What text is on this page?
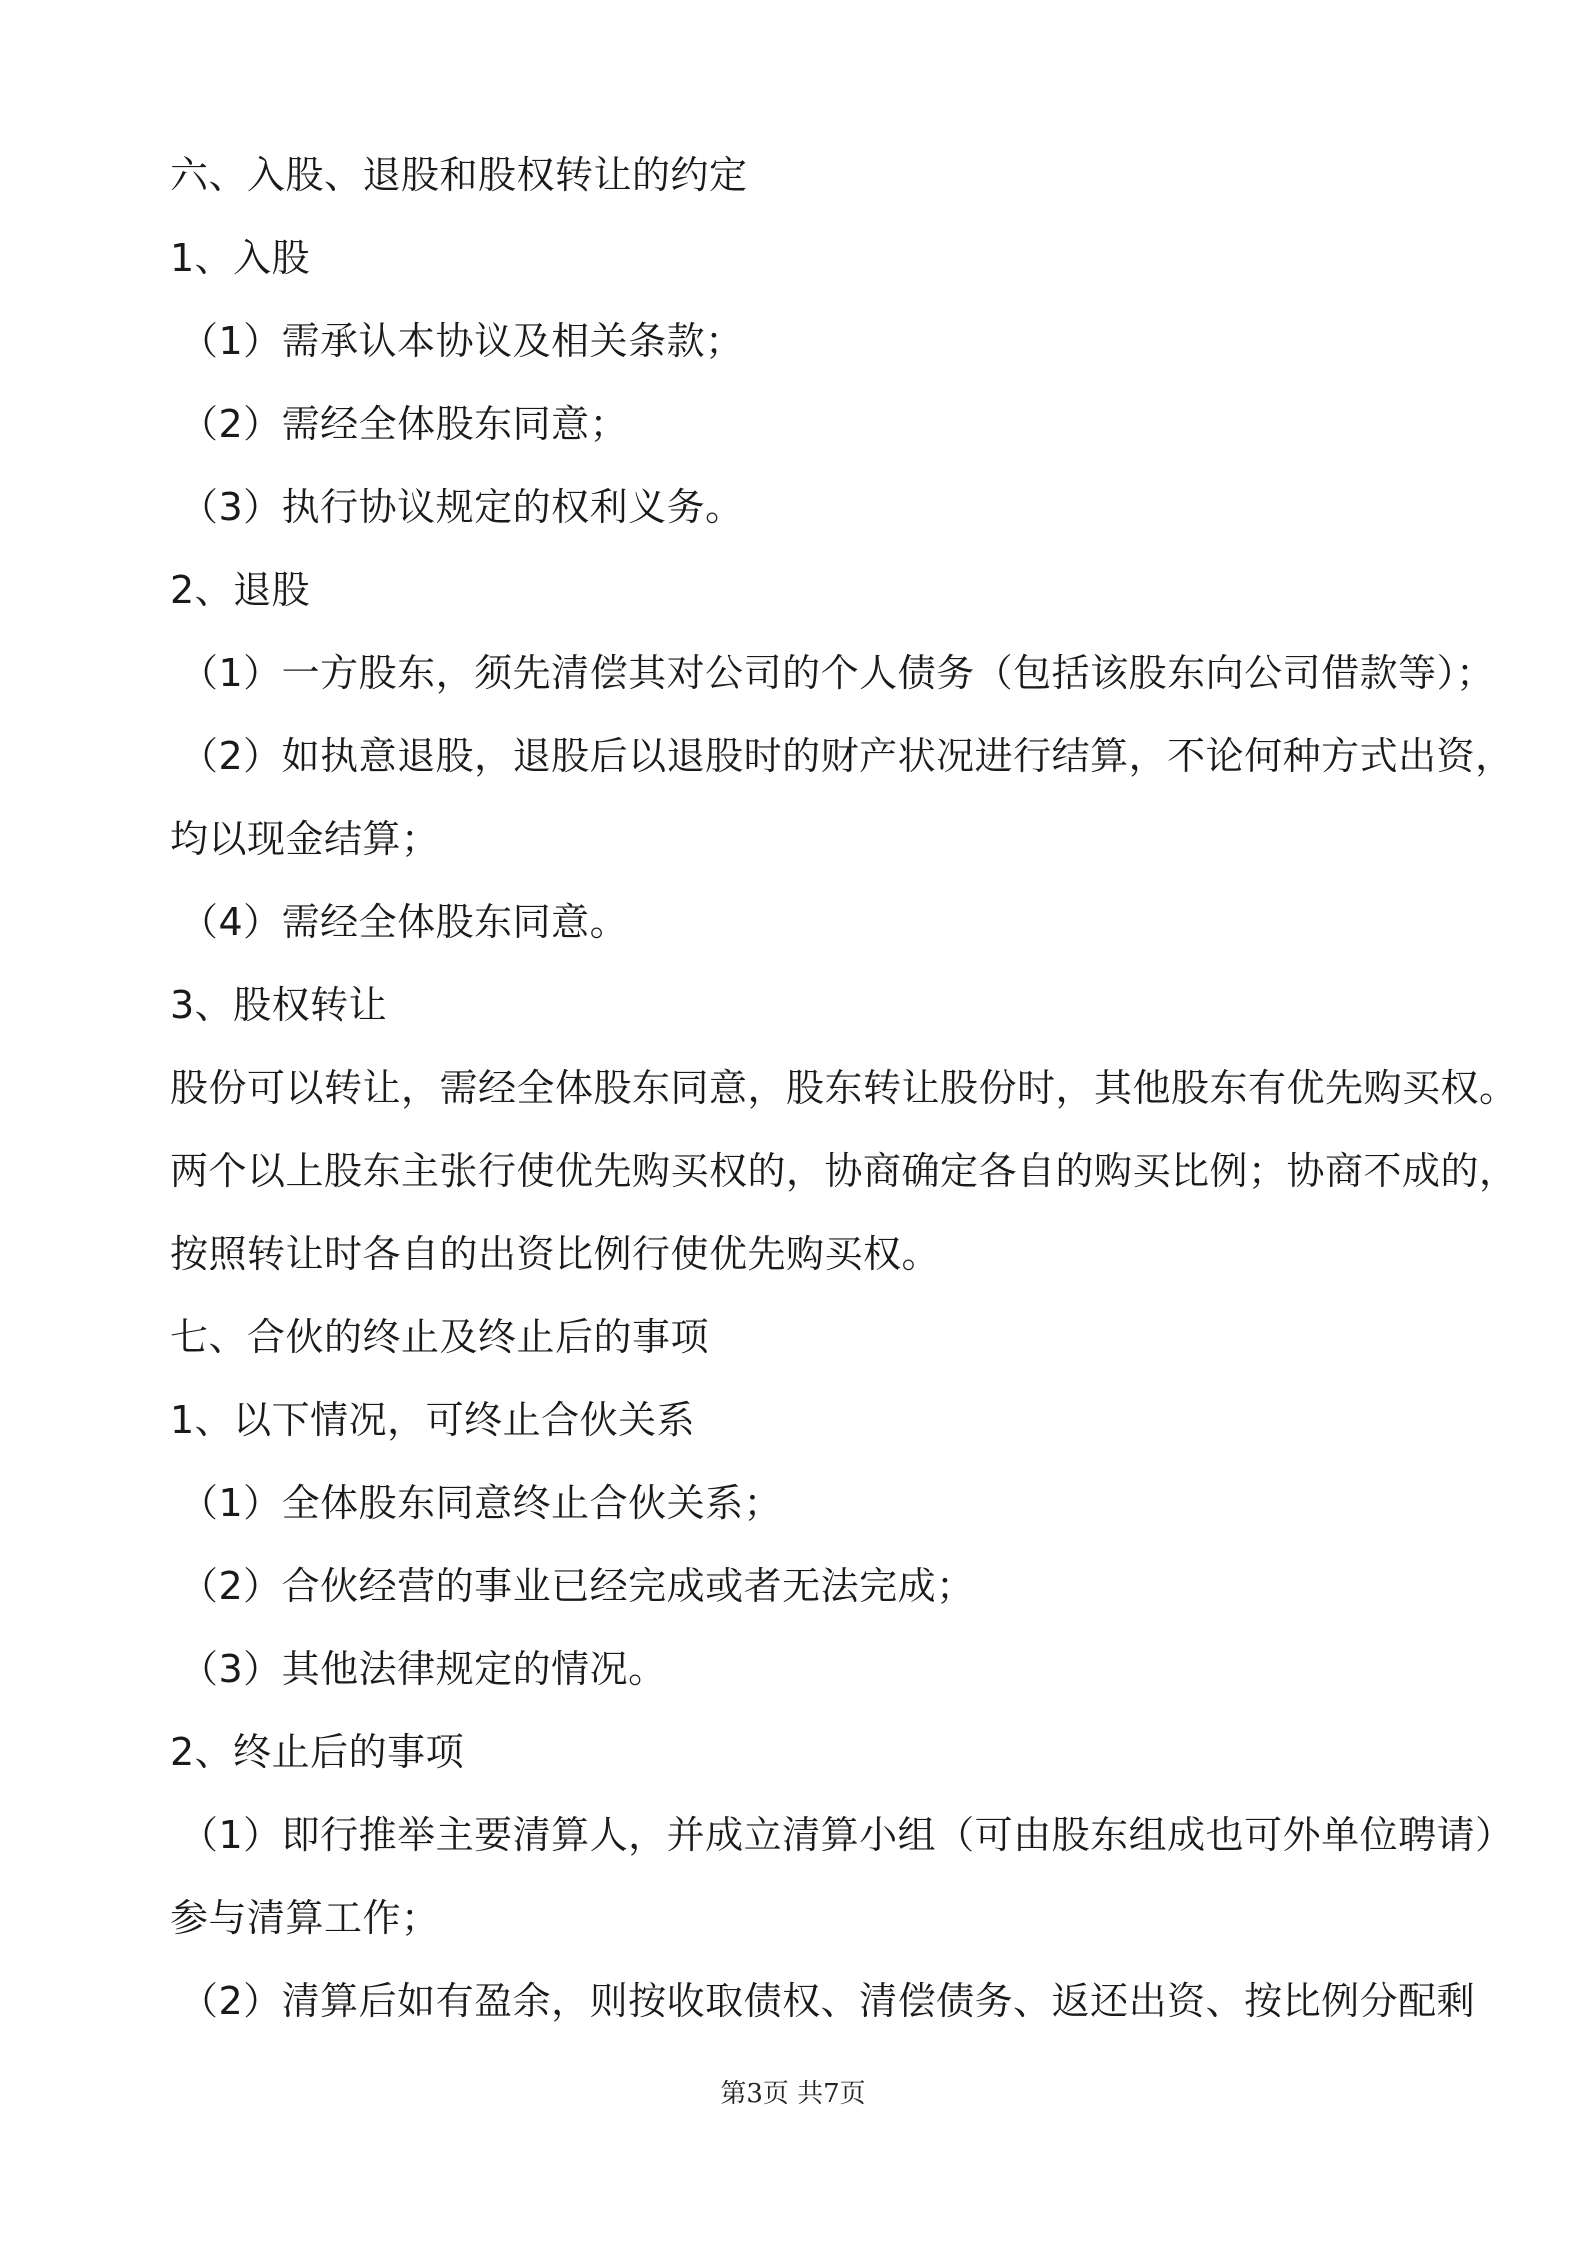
六、入股、退股和股权转让的约定
1、入股
（1）需承认本协议及相关条款；
（2）需经全体股东同意；
（3）执行协议规定的权利义务。
2、退股
（1）一方股东，须先清偿其对公司的个人债务（包括该股东向公司借款等）；
（2）如执意退股，退股后以退股时的财产状况进行结算，不论何种方式出资，
均以现金结算；
（4）需经全体股东同意。
3、股权转让
股份可以转让，需经全体股东同意，股东转让股份时，其他股东有优先购买权。
两个以上股东主张行使优先购买权的，协商确定各自的购买比例；协商不成的，
按照转让时各自的出资比例行使优先购买权。
七、合伙的终止及终止后的事项
1、以下情况，可终止合伙关系
（1）全体股东同意终止合伙关系；
（2）合伙经营的事业已经完成或者无法完成；
（3）其他法律规定的情况。
2、终止后的事项
（1）即行推举主要清算人，并成立清算小组（可由股东组成也可外单位聘请）
参与清算工作；
（2）清算后如有盈余，则按收取债权、清偿债务、返还出资、按比例分配剩
第3页 共7页
